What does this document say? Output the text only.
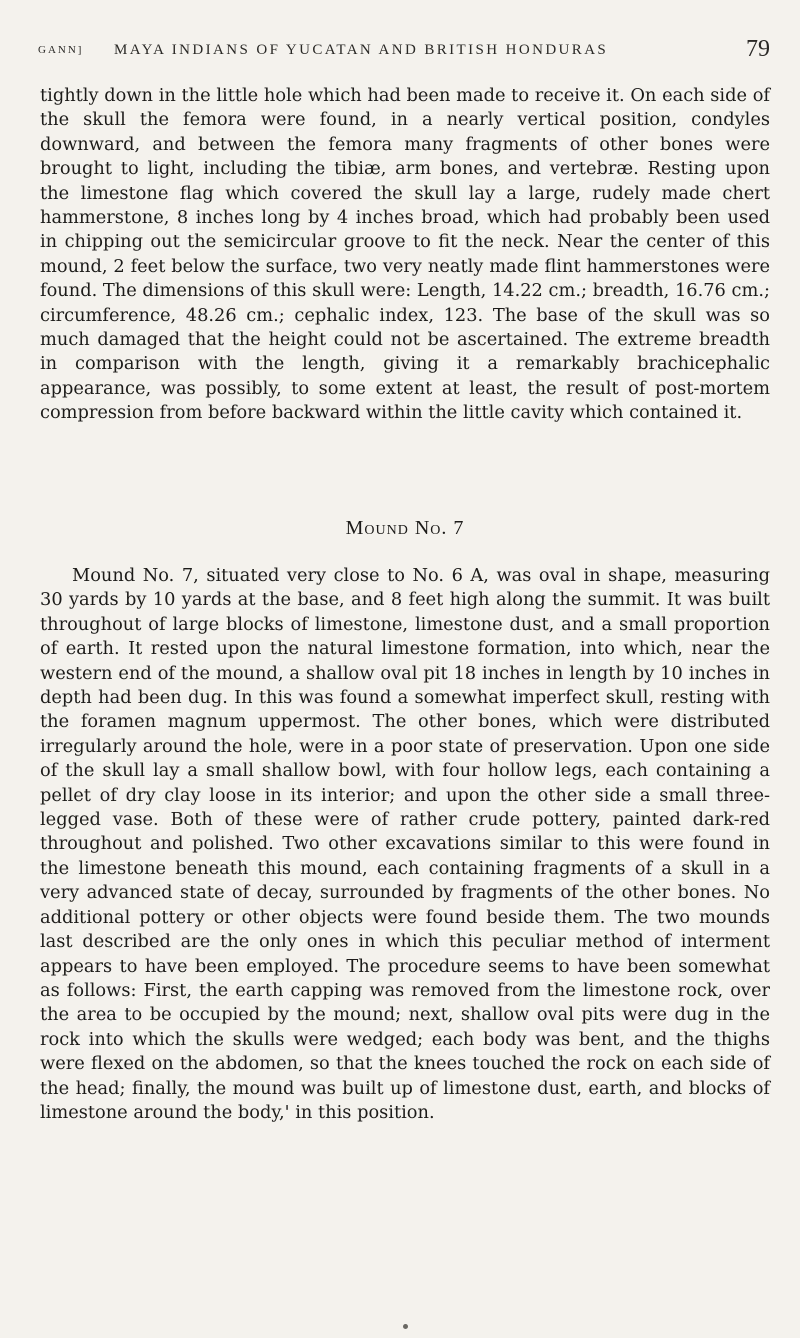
GANN] MAYA INDIANS OF YUCATAN AND BRITISH HONDURAS	79

tightly down in the little hole which had been made to receive it. On each side of the skull the femora were found, in a nearly vertical position, condyles downward, and between the femora many fragments of other bones were brought to light, including the tibiæ, arm bones, and vertebræ. Resting upon the limestone flag which covered the skull lay a large, rudely made chert hammerstone, 8 inches long by 4 inches broad, which had probably been used in chipping out the semicircular groove to fit the neck. Near the center of this mound, 2 feet below the surface, two very neatly made flint hammerstones were found. The dimensions of this skull were: Length, 14.22 cm.; breadth, 16.76 cm.; circumference, 48.26 cm.; cephalic index, 123. The base of the skull was so much damaged that the height could not be ascertained. The extreme breadth in comparison with the length, giving it a remarkably brachicephalic appearance, was possibly, to some extent at least, the result of post-mortem compression from before backward within the little cavity which contained it.

Mound No. 7

Mound No. 7, situated very close to No. 6 A, was oval in shape, measuring 30 yards by 10 yards at the base, and 8 feet high along the summit. It was built throughout of large blocks of limestone, limestone dust, and a small proportion of earth. It rested upon the natural limestone formation, into which, near the western end of the mound, a shallow oval pit 18 inches in length by 10 inches in depth had been dug. In this was found a somewhat imperfect skull, resting with the foramen magnum uppermost. The other bones, which were distributed irregularly around the hole, were in a poor state of preservation. Upon one side of the skull lay a small shallow bowl, with four hollow legs, each containing a pellet of dry clay loose in its interior; and upon the other side a small three-legged vase. Both of these were of rather crude pottery, painted dark-red throughout and polished. Two other excavations similar to this were found in the limestone beneath this mound, each containing fragments of a skull in a very advanced state of decay, surrounded by fragments of the other bones. No additional pottery or other objects were found beside them. The two mounds last described are the only ones in which this peculiar method of interment appears to have been employed. The procedure seems to have been somewhat as follows: First, the earth capping was removed from the limestone rock, over the area to be occupied by the mound; next, shallow oval pits were dug in the rock into which the skulls were wedged; each body was bent, and the thighs were flexed on the abdomen, so that the knees touched the rock on each side of the head; finally, the mound was built up of limestone dust, earth, and blocks of limestone around the body,' in this position.
